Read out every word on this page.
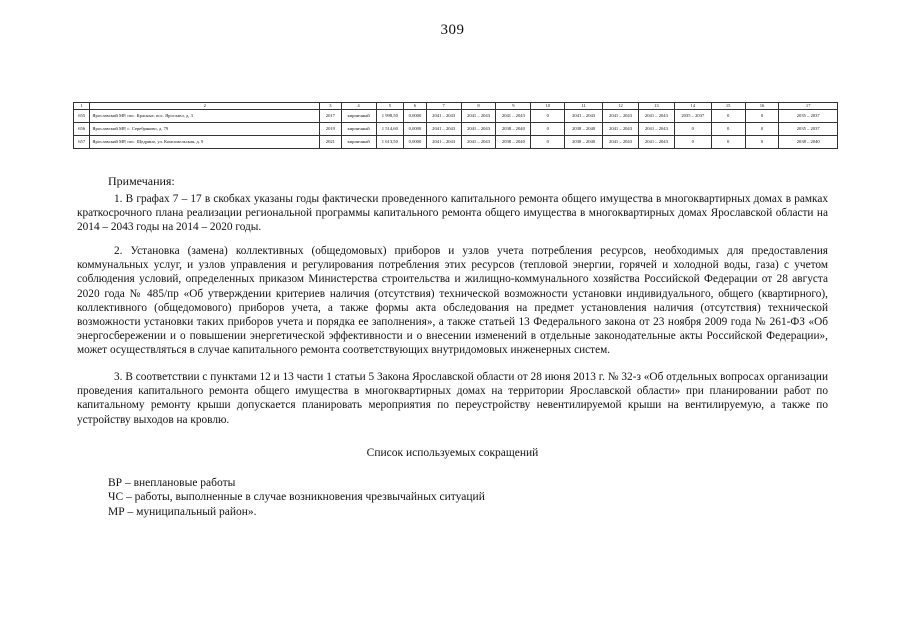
309
1	2	3	4	5	6	7	8	9	10	11	12	13	14	15	16	17
655	Ярославский МР, пос. Красные, пос. Ярославл, д. 3	2017	кирпичный	1 998,50	0,0000	2041 – 2043	2041 – 2043	2041 – 2043	0	2041 – 2043	2041 – 2043	2041 – 2043	2035 – 2037	0	0	2035 – 2037
656	Ярославский МР, с. Серебряково, д. 79	2019	кирпичный	1 514,60	0,0000	2041 – 2043	2041 – 2043	2038 – 2040	0	2038 – 2040	2041 – 2043	2041 – 2043	0	0	0	2035 – 2037
657	Ярославский МР, пос. Щедрино, ул. Комсомольская, д. 9	2021	кирпичный	1 613,50	0,0000	2041 – 2043	2041 – 2043	2038 – 2040	0	2038 – 2040	2041 – 2043	2041 – 2043	0	0	0	2038 – 2040
Примечания:

1. В графах 7 – 17 в скобках указаны годы фактически проведенного капитального ремонта общего имущества в многоквартирных домах в рамках краткосрочного плана реализации региональной программы капитального ремонта общего имущества в многоквартирных домах Ярославской области на 2014 – 2043 годы на 2014 – 2020 годы.

2. Установка (замена) коллективных (общедомовых) приборов и узлов учета потребления ресурсов, необходимых для предоставления коммунальных услуг, и узлов управления и регулирования потребления этих ресурсов (тепловой энергии, горячей и холодной воды, газа) с учетом соблюдения условий, определенных приказом Министерства строительства и жилищно-коммунального хозяйства Российской Федерации от 28 августа 2020 года № 485/пр «Об утверждении критериев наличия (отсутствия) технической возможности установки индивидуального, общего (квартирного), коллективного (общедомового) приборов учета, а также формы акта обследования на предмет установления наличия (отсутствия) технической возможности установки таких приборов учета и порядка ее заполнения», а также статьей 13 Федерального закона от 23 ноября 2009 года № 261-ФЗ «Об энергосбережении и о повышении энергетической эффективности и о внесении изменений в отдельные законодательные акты Российской Федерации», может осуществляться в случае капитального ремонта соответствующих внутридомовых инженерных систем.

3. В соответствии с пунктами 12 и 13 части 1 статьи 5 Закона Ярославской области от 28 июня 2013 г. № 32-з «Об отдельных вопросах организации проведения капитального ремонта общего имущества в многоквартирных домах на территории Ярославской области» при планировании работ по капитальному ремонту крыши допускается планировать мероприятия по переустройству невентилируемой крыши на вентилируемую, а также по устройству выходов на кровлю.

Список используемых сокращений
ВР – внеплановые работы
ЧС – работы, выполненные в случае возникновения чрезвычайных ситуаций
МР – муниципальный район».
